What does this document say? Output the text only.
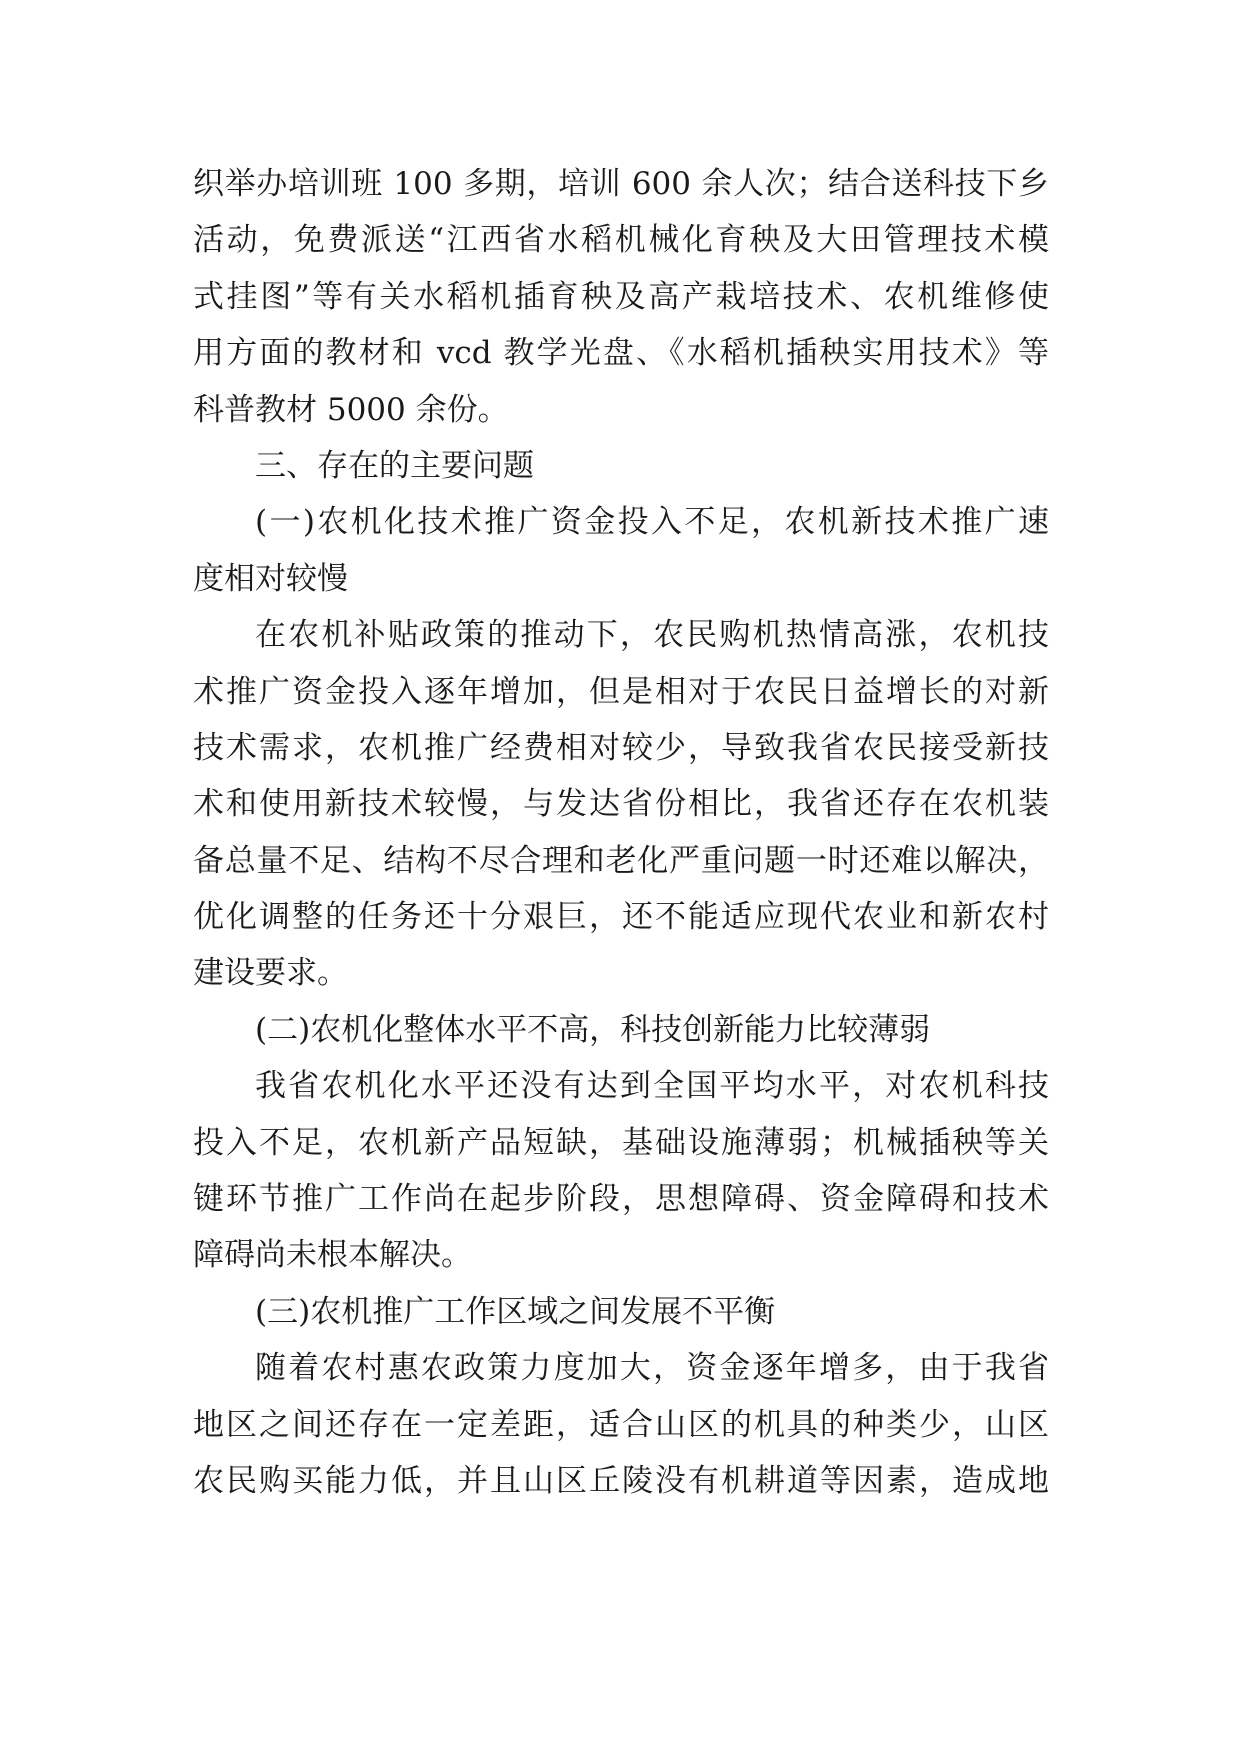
织举办培训班 100 多期，培训 600 余人次；结合送科技下乡
活动，免费派送“江西省水稻机械化育秧及大田管理技术模
式挂图”等有关水稻机插育秧及高产栽培技术、农机维修使
用方面的教材和 vcd 教学光盘、《水稻机插秧实用技术》等
科普教材 5000 余份。
三、存在的主要问题
(一)农机化技术推广资金投入不足，农机新技术推广速
度相对较慢
在农机补贴政策的推动下，农民购机热情高涨，农机技
术推广资金投入逐年增加，但是相对于农民日益增长的对新
技术需求，农机推广经费相对较少，导致我省农民接受新技
术和使用新技术较慢，与发达省份相比，我省还存在农机装
备总量不足、结构不尽合理和老化严重问题一时还难以解决，
优化调整的任务还十分艰巨，还不能适应现代农业和新农村
建设要求。
(二)农机化整体水平不高，科技创新能力比较薄弱
我省农机化水平还没有达到全国平均水平，对农机科技
投入不足，农机新产品短缺，基础设施薄弱；机械插秧等关
键环节推广工作尚在起步阶段，思想障碍、资金障碍和技术
障碍尚未根本解决。
(三)农机推广工作区域之间发展不平衡
随着农村惠农政策力度加大，资金逐年增多，由于我省
地区之间还存在一定差距，适合山区的机具的种类少，山区
农民购买能力低，并且山区丘陵没有机耕道等因素，造成地
